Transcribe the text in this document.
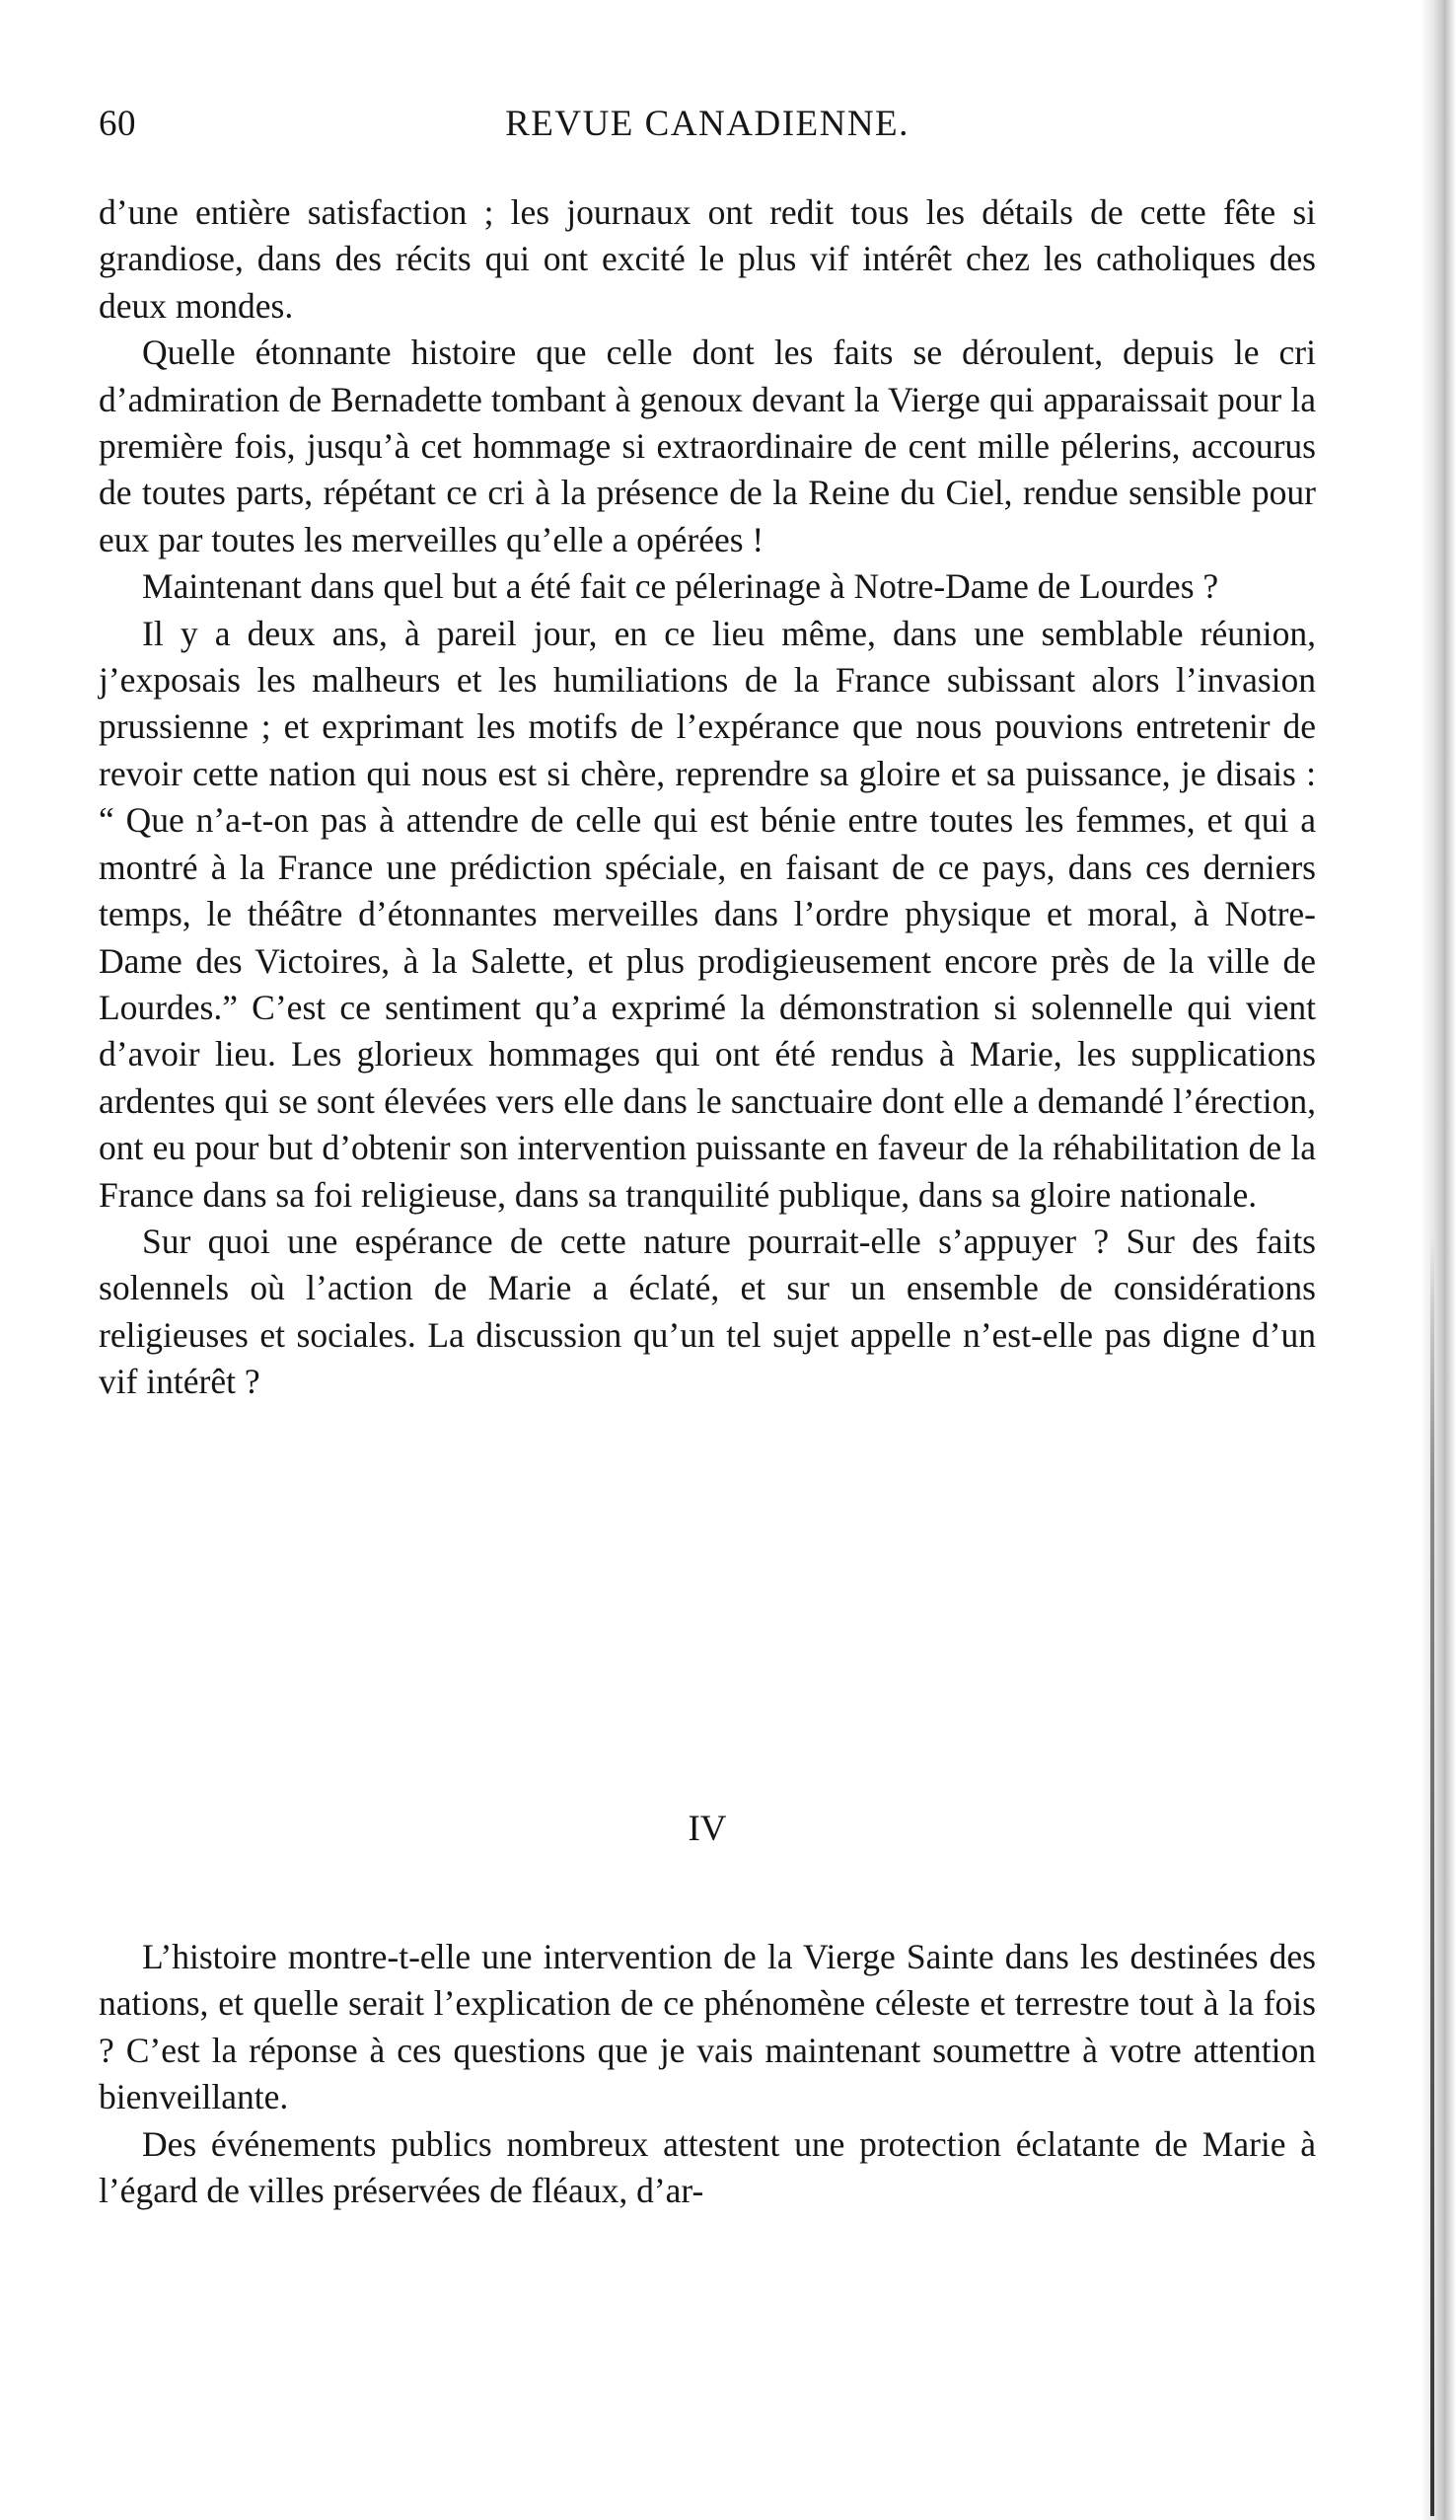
60	REVUE CANADIENNE.

d’une entière satisfaction ; les journaux ont redit tous les détails de cette fête si grandiose, dans des récits qui ont excité le plus vif intérêt chez les catholiques des deux mondes.

Quelle étonnante histoire que celle dont les faits se déroulent, depuis le cri d’admiration de Bernadette tombant à genoux devant la Vierge qui apparaissait pour la première fois, jusqu’à cet hommage si extraordinaire de cent mille pélerins, accourus de toutes parts, répétant ce cri à la présence de la Reine du Ciel, rendue sensible pour eux par toutes les merveilles qu’elle a opérées !

Maintenant dans quel but a été fait ce pélerinage à Notre-Dame de Lourdes ?

Il y a deux ans, à pareil jour, en ce lieu même, dans une semblable réunion, j’exposais les malheurs et les humiliations de la France subissant alors l’invasion prussienne ; et exprimant les motifs de l’expérance que nous pouvions entretenir de revoir cette nation qui nous est si chère, reprendre sa gloire et sa puissance, je disais : “ Que n’a-t-on pas à attendre de celle qui est bénie entre toutes les femmes, et qui a montré à la France une prédiction spéciale, en faisant de ce pays, dans ces derniers temps, le théâtre d’étonnantes merveilles dans l’ordre physique et moral, à Notre-Dame des Victoires, à la Salette, et plus prodigieusement encore près de la ville de Lourdes.” C’est ce sentiment qu’a exprimé la démonstration si solennelle qui vient d’avoir lieu. Les glorieux hommages qui ont été rendus à Marie, les supplications ardentes qui se sont élevées vers elle dans le sanctuaire dont elle a demandé l’érection, ont eu pour but d’obtenir son intervention puissante en faveur de la réhabilitation de la France dans sa foi religieuse, dans sa tranquilité publique, dans sa gloire nationale.

Sur quoi une espérance de cette nature pourrait-elle s’appuyer ? Sur des faits solennels où l’action de Marie a éclaté, et sur un ensemble de considérations religieuses et sociales. La discussion qu’un tel sujet appelle n’est-elle pas digne d’un vif intérêt ?

IV

L’histoire montre-t-elle une intervention de la Vierge Sainte dans les destinées des nations, et quelle serait l’explication de ce phénomène céleste et terrestre tout à la fois ? C’est la réponse à ces questions que je vais maintenant soumettre à votre attention bienveillante.

Des événements publics nombreux attestent une protection éclatante de Marie à l’égard de villes préservées de fléaux, d’ar-
